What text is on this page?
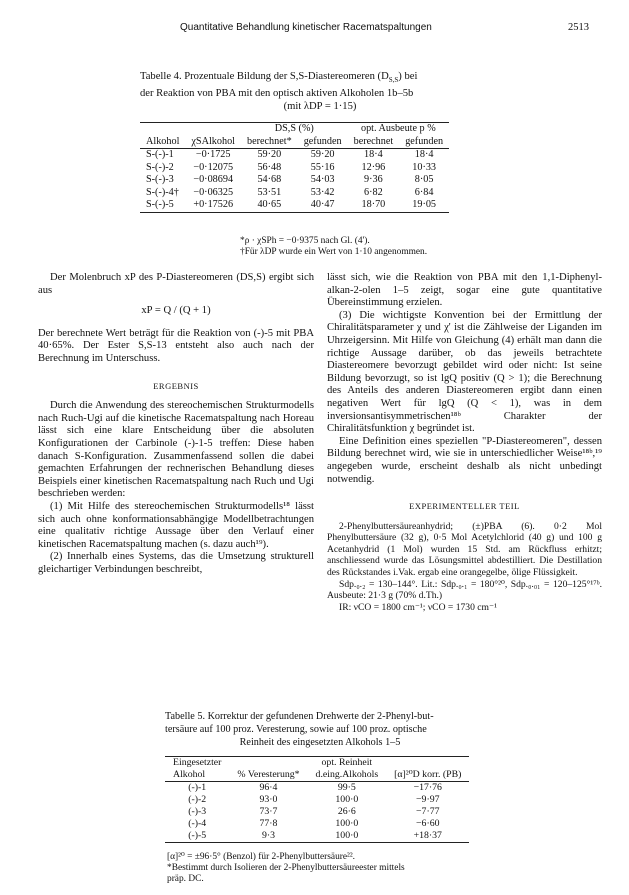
Quantitative Behandlung kinetischer Racematspaltungen	2513
Tabelle 4. Prozentuale Bildung der S,S-Diastereomeren $(D_{S,S})$ bei
der Reaktion von PBA mit den optisch aktiven Alkoholen 1b–5b
(mit λDP = 1·15)
		DS,S (%)		opt. Ausbeute p %	
Alkohol	χSAlkohol	berechnet*	gefunden	berechnet	gefunden
S-(-)-1	−0·1725	59·20	59·20	18·4	18·4
S-(-)-2	−0·12075	56·48	55·16	12·96	10·33
S-(-)-3	−0·08694	54·68	54·03	9·36	8·05
S-(-)-4†	−0·06325	53·51	53·42	6·82	6·84
S-(-)-5	+0·17526	40·65	40·47	18·70	19·05
*ρ · χSPh = −0·9375 nach Gl. (4').
†Für λDP wurde ein Wert von 1·10 angenommen.

Der Molenbruch xP des P-Diastereomeren (DS,S) ergibt sich aus

xP = Q / (Q + 1)

Der berechnete Wert beträgt für die Reaktion von (-)-5 mit PBA 40·65%. Der Ester S,S-13 entsteht also auch nach der Berechnung im Unterschuss.

ERGEBNIS

Durch die Anwendung des stereochemischen Strukturmodells nach Ruch-Ugi auf die kinetische Racematspaltung nach Horeau lässt sich eine klare Entscheidung über die absoluten Konfigurationen der Carbinole (-)-1-5 treffen: Diese haben danach S-Konfiguration. Zusammenfassend sollen die dabei gemachten Erfahrungen der rechnerischen Behandlung dieses Beispiels einer kinetischen Racematspaltung nach Ruch und Ugi beschrieben werden:

(1) Mit Hilfe des stereochemischen Strukturmodells¹⁸ lässt sich auch ohne konformationsabhängige Modellbetrachtungen eine qualitativ richtige Aussage über den Verlauf einer kinetischen Racematspaltung machen (s. dazu auch¹⁹).

(2) Innerhalb eines Systems, das die Umsetzung strukturell gleichartiger Verbindungen beschreibt,

lässt sich, wie die Reaktion von PBA mit den 1,1-Diphenyl-alkan-2-olen 1–5 zeigt, sogar eine gute quantitative Übereinstimmung erzielen.

(3) Die wichtigste Konvention bei der Ermittlung der Chiralitätsparameter χ und χ' ist die Zählweise der Liganden im Uhrzeigersinn. Mit Hilfe von Gleichung (4) erhält man dann die richtige Aussage darüber, ob das jeweils betrachtete Diastereomere bevorzugt gebildet wird oder nicht: Ist seine Bildung bevorzugt, so ist lgQ positiv (Q > 1); die Berechnung des Anteils des anderen Diastereomeren ergibt dann einen negativen Wert für lgQ (Q < 1), was in dem inversionsantisymmetrischen¹⁸ᵇ Charakter der Chiralitätsfunktion χ begründet ist.

Eine Definition eines speziellen "P-Diastereomeren", dessen Bildung berechnet wird, wie sie in unterschiedlicher Weise¹⁸ᵇ,¹⁹ angegeben wurde, erscheint deshalb als nicht unbedingt notwendig.

EXPERIMENTELLER TEIL

2-Phenylbuttersäureanhydrid; (±)PBA (6). 0·2 Mol Phenylbuttersäure (32 g), 0·5 Mol Acetylchlorid (40 g) und 100 g Acetanhydrid (1 Mol) wurden 15 Std. am Rückfluss erhitzt; anschliessend wurde das Lösungsmittel abdestilliert. Die Destillation des Rückstandes i.Vak. ergab eine orangegelbe, ölige Flüssigkeit.

Sdp.₀.₂ = 130–144°. Lit.: Sdp.₀.₁ = 180°²⁰, Sdp.₀.₀₁ = 120–125°¹⁷ᵇ. Ausbeute: 21·3 g (70% d.Th.)

IR: νCO = 1800 cm⁻¹; νCO = 1730 cm⁻¹

Tabelle 5. Korrektur der gefundenen Drehwerte der 2-Phenyl-but-
tersäure auf 100 proz. Veresterung, sowie auf 100 proz. optische
Reinheit des eingesetzten Alkohols 1–5
Eingesetzter		opt. Reinheit	
Alkohol	% Veresterung*	d.eing.Alkohols	[α]²⁰D korr. (PB)
(-)-1	96·4	99·5	−17·76
(-)-2	93·0	100·0	−9·97
(-)-3	73·7	26·6	−7·77
(-)-4	77·8	100·0	−6·60
(-)-5	9·3	100·0	+18·37
[α]²⁰ = ±96·5° (Benzol) für 2-Phenylbuttersäure²².
*Bestimmt durch Isolieren der 2-Phenylbuttersäureester mittels
präp. DC.
